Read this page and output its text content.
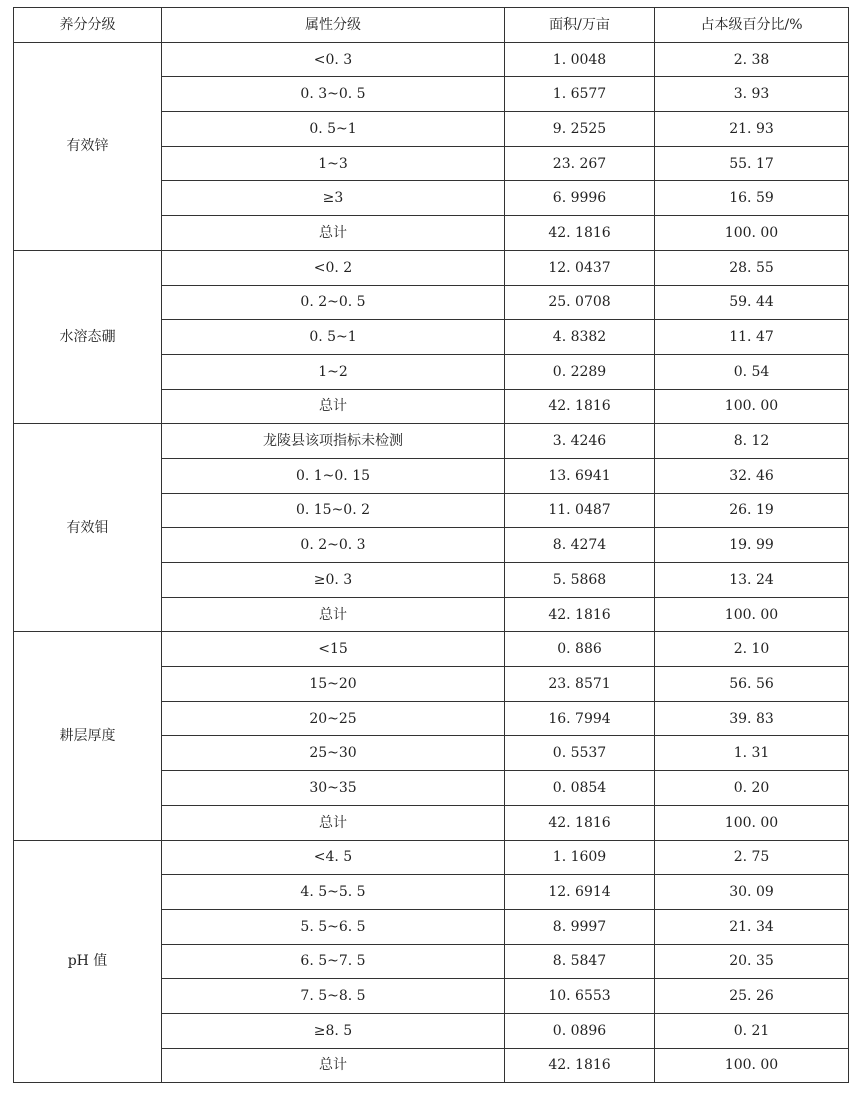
养分分级	属性分级	面积/万亩	占本级百分比/%
有效锌	<0. 3	1. 0048	2. 38
	0. 3~0. 5	1. 6577	3. 93
	0. 5~1	9. 2525	21. 93
	1~3	23. 267	55. 17
	≥3	6. 9996	16. 59
	总计	42. 1816	100. 00
水溶态硼	<0. 2	12. 0437	28. 55
	0. 2~0. 5	25. 0708	59. 44
	0. 5~1	4. 8382	11. 47
	1~2	0. 2289	0. 54
	总计	42. 1816	100. 00
有效钼	龙陵县该项指标未检测	3. 4246	8. 12
	0. 1~0. 15	13. 6941	32. 46
	0. 15~0. 2	11. 0487	26. 19
	0. 2~0. 3	8. 4274	19. 99
	≥0. 3	5. 5868	13. 24
	总计	42. 1816	100. 00
耕层厚度	<15	0. 886	2. 10
	15~20	23. 8571	56. 56
	20~25	16. 7994	39. 83
	25~30	0. 5537	1. 31
	30~35	0. 0854	0. 20
	总计	42. 1816	100. 00
pH 值	<4. 5	1. 1609	2. 75
	4. 5~5. 5	12. 6914	30. 09
	5. 5~6. 5	8. 9997	21. 34
	6. 5~7. 5	8. 5847	20. 35
	7. 5~8. 5	10. 6553	25. 26
	≥8. 5	0. 0896	0. 21
	总计	42. 1816	100. 00
